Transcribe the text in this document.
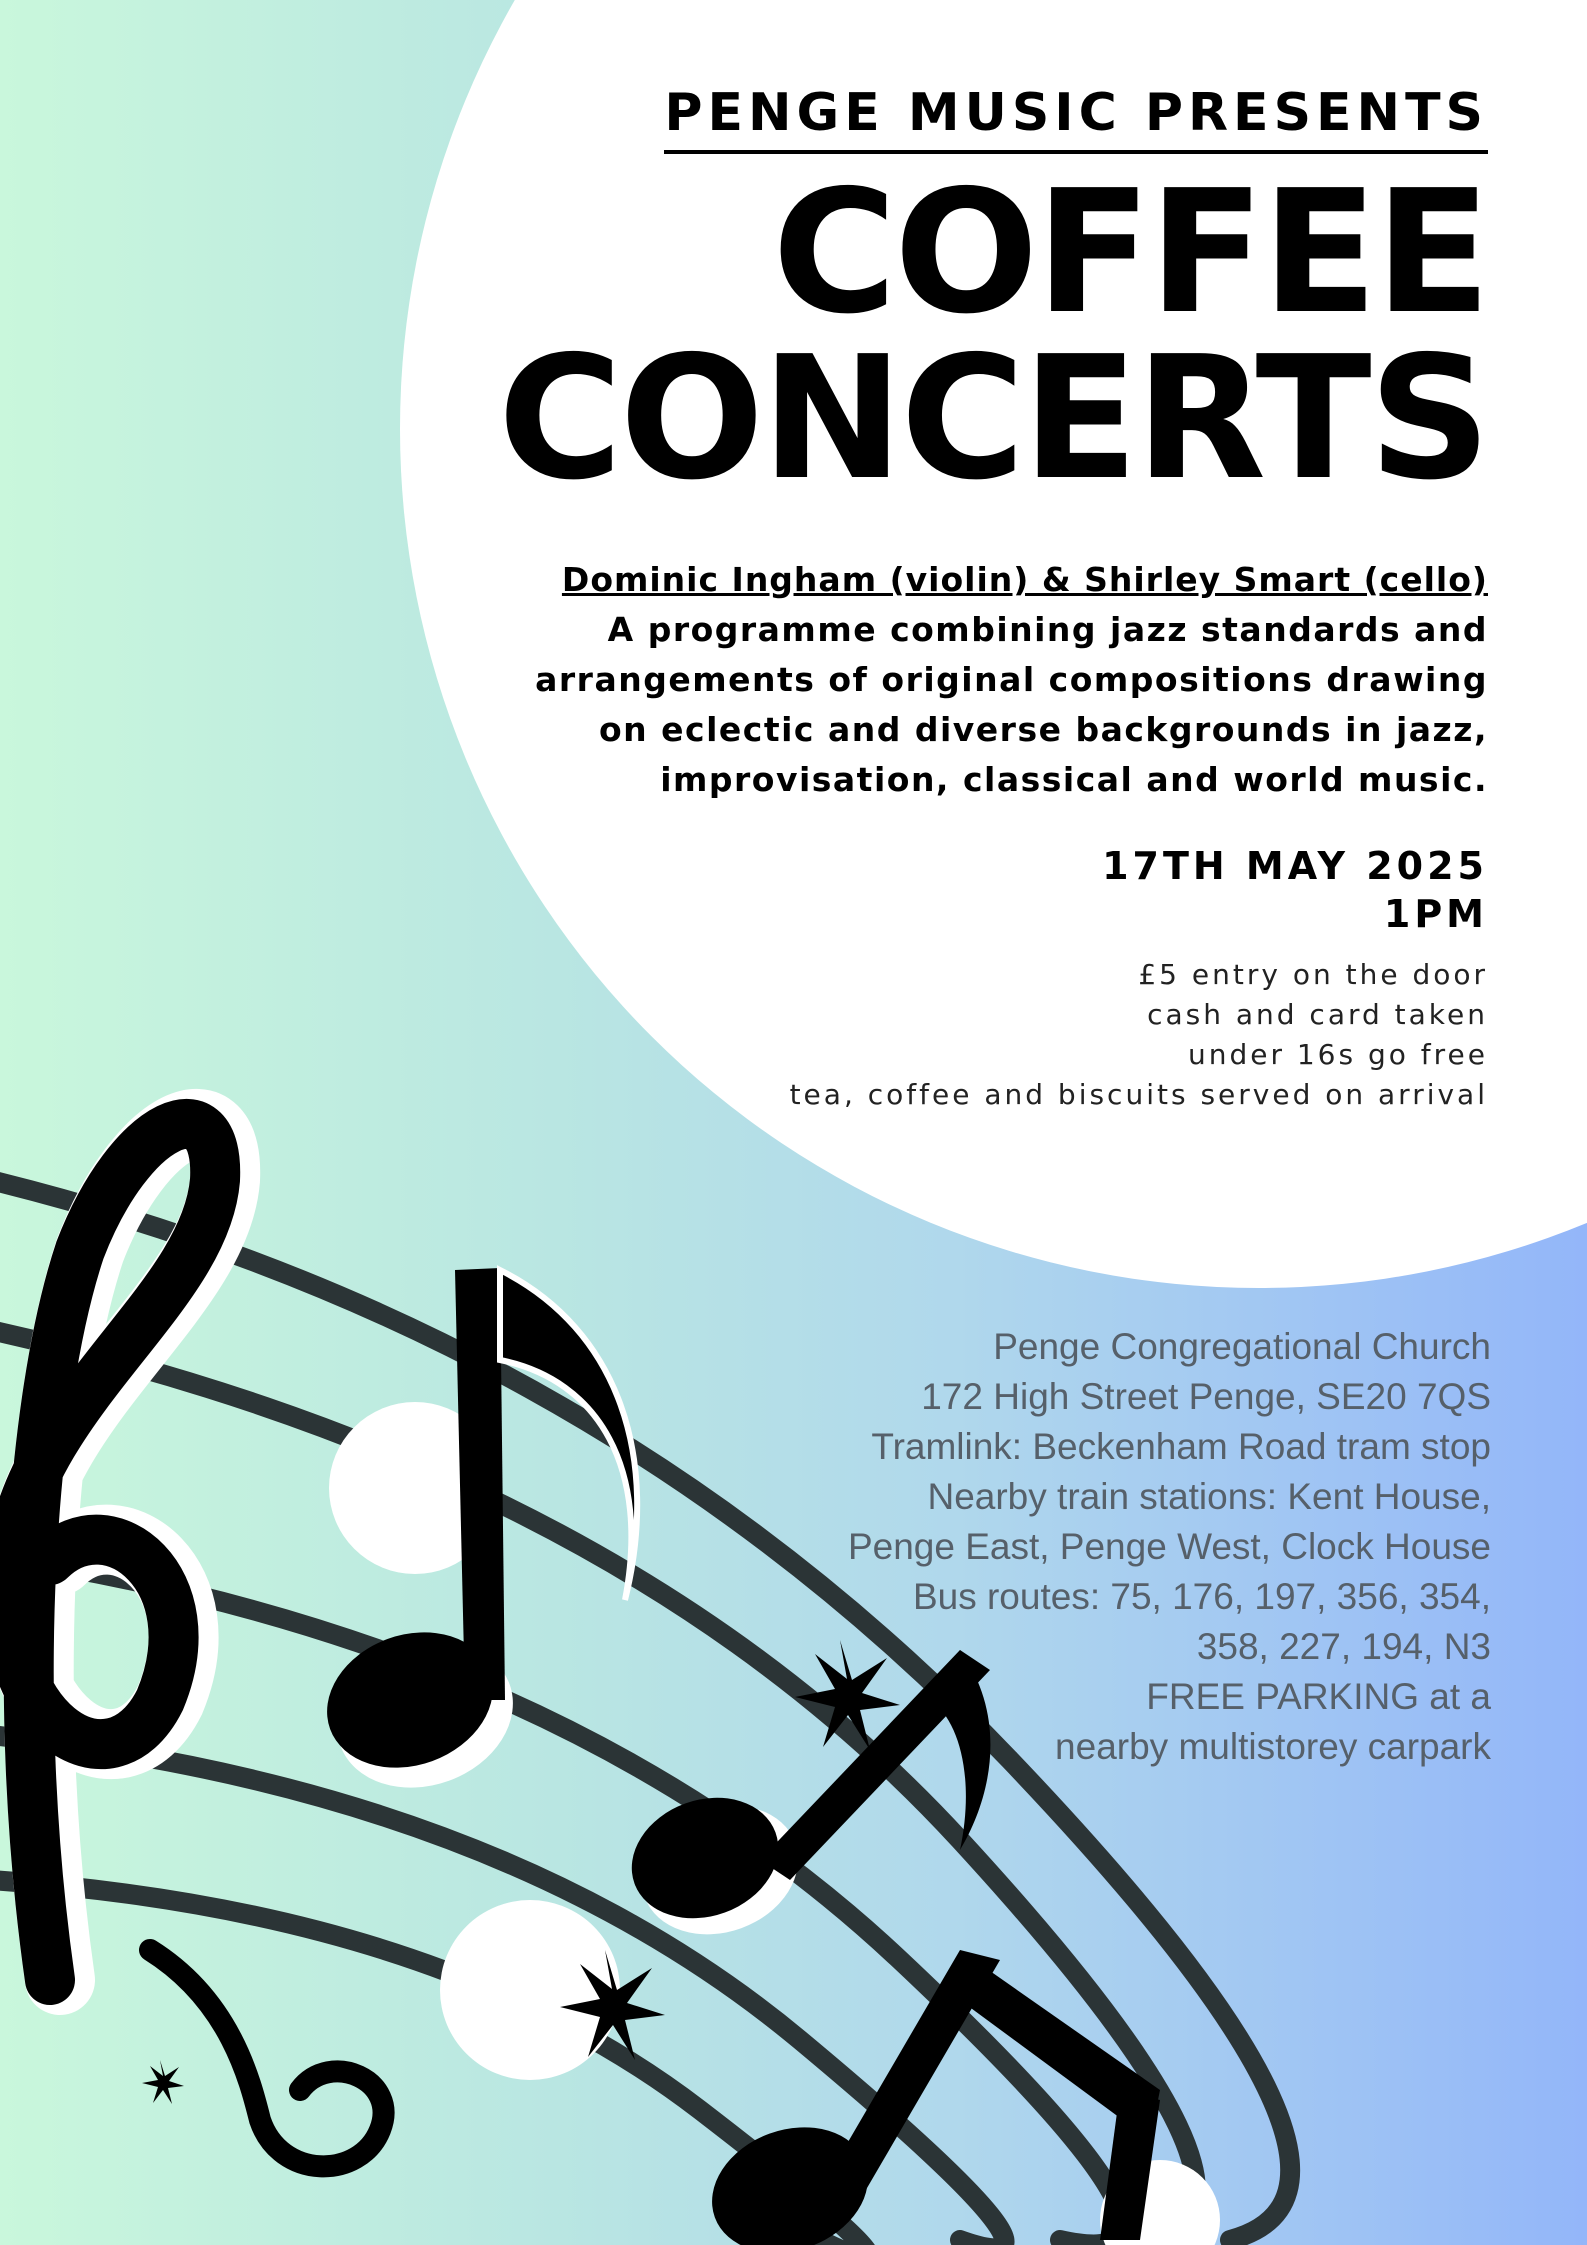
PENGE MUSIC PRESENTS
COFFEE
CONCERTS
Dominic Ingham (violin) & Shirley Smart (cello)
A programme combining jazz standards and
arrangements of original compositions drawing
on eclectic and diverse backgrounds in jazz,
improvisation, classical and world music.
17TH MAY 2025
1PM
£5 entry on the door
cash and card taken
under 16s go free
tea, coffee and biscuits served on arrival
Penge Congregational Church
172 High Street Penge, SE20 7QS
Tramlink: Beckenham Road tram stop
Nearby train stations: Kent House,
Penge East, Penge West, Clock House
Bus routes: 75, 176, 197, 356, 354,
358, 227, 194, N3
FREE PARKING at a
nearby multistorey carpark
